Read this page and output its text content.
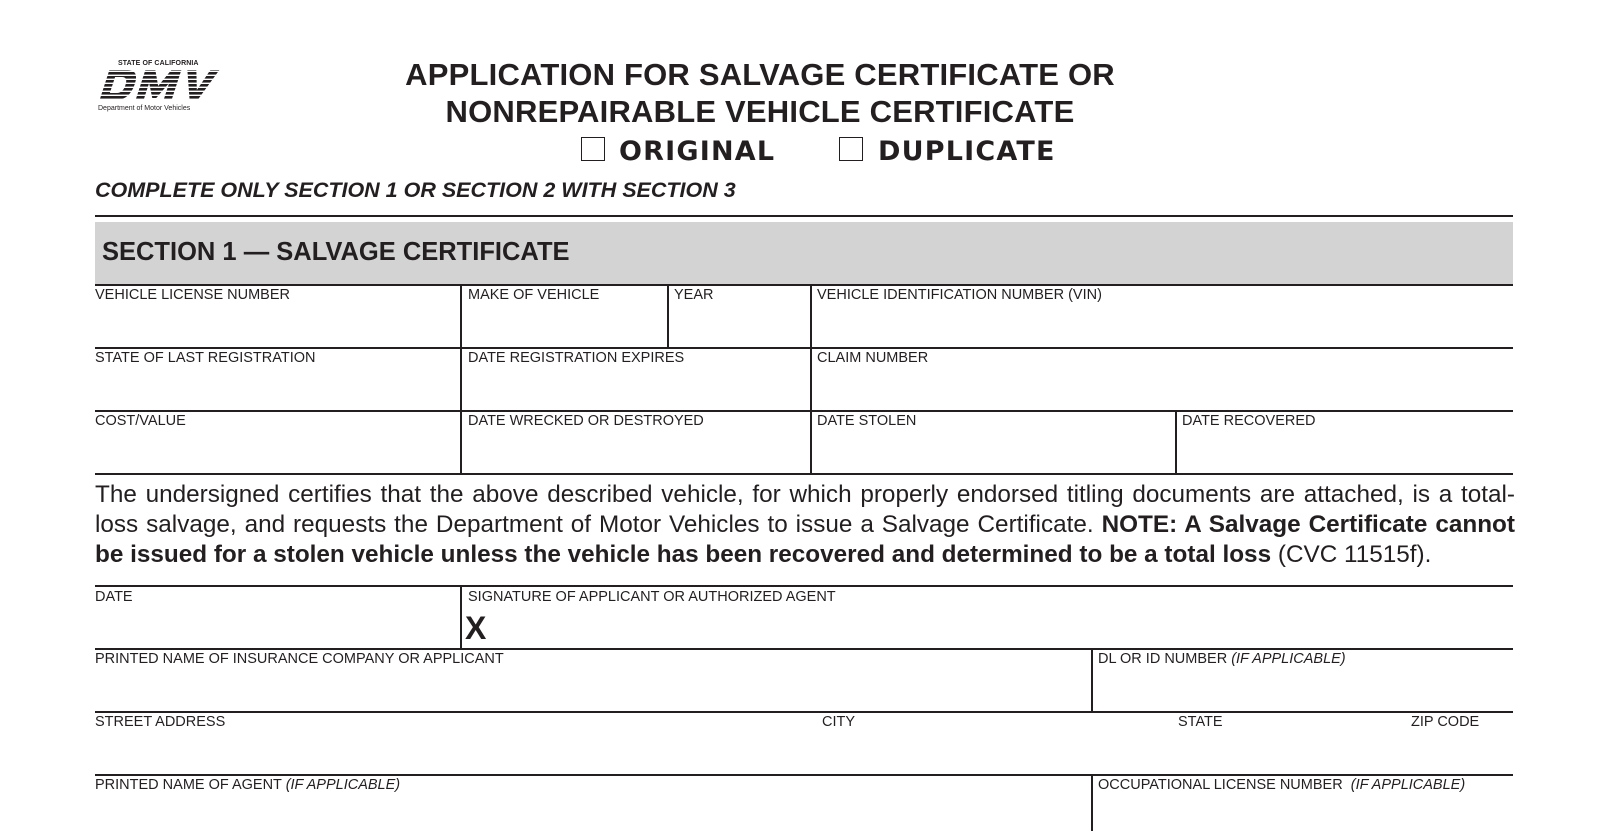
STATE OF CALIFORNIA
Department of Motor Vehicles
APPLICATION FOR SALVAGE CERTIFICATE OR
NONREPAIRABLE VEHICLE CERTIFICATE
ORIGINAL	DUPLICATE
COMPLETE ONLY SECTION 1 OR SECTION 2 WITH SECTION 3
SECTION 1 — SALVAGE CERTIFICATE
VEHICLE LICENSE NUMBER	MAKE OF VEHICLE	YEAR	VEHICLE IDENTIFICATION NUMBER (VIN)
STATE OF LAST REGISTRATION	DATE REGISTRATION EXPIRES	CLAIM NUMBER
COST/VALUE	DATE WRECKED OR DESTROYED	DATE STOLEN	DATE RECOVERED
The undersigned certifies that the above described vehicle, for which properly endorsed titling documents are attached, is a total-loss salvage, and requests the Department of Motor Vehicles to issue a Salvage Certificate. NOTE: A Salvage Certificate cannot be issued for a stolen vehicle unless the vehicle has been recovered and determined to be a total loss (CVC 11515f).
DATE	SIGNATURE OF APPLICANT OR AUTHORIZED AGENT
X
PRINTED NAME OF INSURANCE COMPANY OR APPLICANT	DL OR ID NUMBER (IF APPLICABLE)
STREET ADDRESS	CITY	STATE	ZIP CODE
PRINTED NAME OF AGENT (IF APPLICABLE)	OCCUPATIONAL LICENSE NUMBER (IF APPLICABLE)
